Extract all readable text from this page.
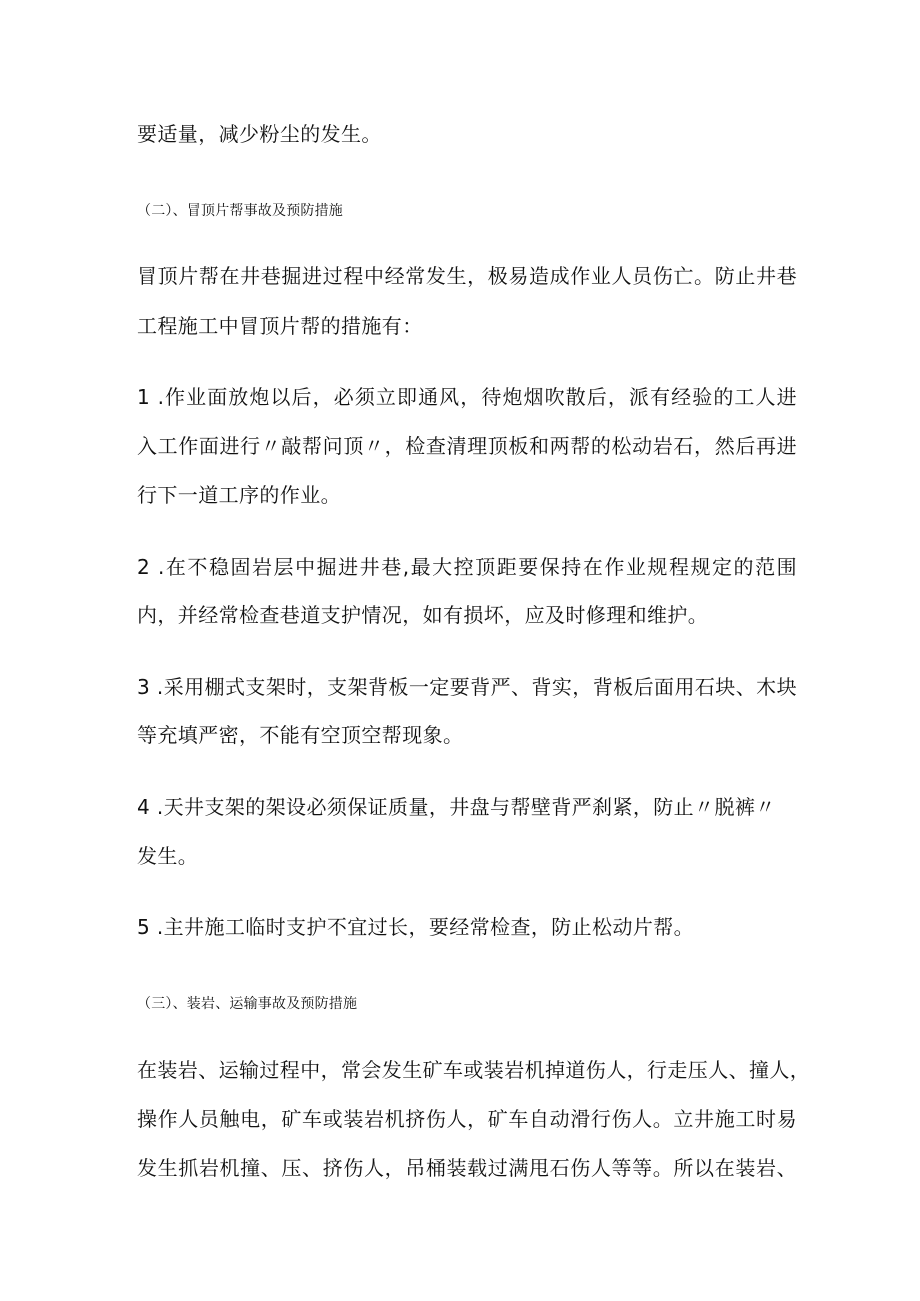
要适量，减少粉尘的发生。
（二）、冒顶片帮事故及预防措施
冒顶片帮在井巷掘进过程中经常发生，极易造成作业人员伤亡。防止井巷
工程施工中冒顶片帮的措施有：
1 .作业面放炮以后，必须立即通风，待炮烟吹散后，派有经验的工人进
入工作面进行〃敲帮问顶〃，检查清理顶板和两帮的松动岩石，然后再进
行下一道工序的作业。
2 .在不稳固岩层中掘进井巷,最大控顶距要保持在作业规程规定的范围
内，并经常检查巷道支护情况，如有损坏，应及时修理和维护。
3 .采用棚式支架时，支架背板一定要背严、背实，背板后面用石块、木块
等充填严密，不能有空顶空帮现象。
4 .天井支架的架设必须保证质量，井盘与帮壁背严刹紧，防止〃脱裤〃
发生。
5 .主井施工临时支护不宜过长，要经常检查，防止松动片帮。
（三）、装岩、运输事故及预防措施
在装岩、运输过程中，常会发生矿车或装岩机掉道伤人，行走压人、撞人，
操作人员触电，矿车或装岩机挤伤人，矿车自动滑行伤人。立井施工时易
发生抓岩机撞、压、挤伤人，吊桶装载过满甩石伤人等等。所以在装岩、
